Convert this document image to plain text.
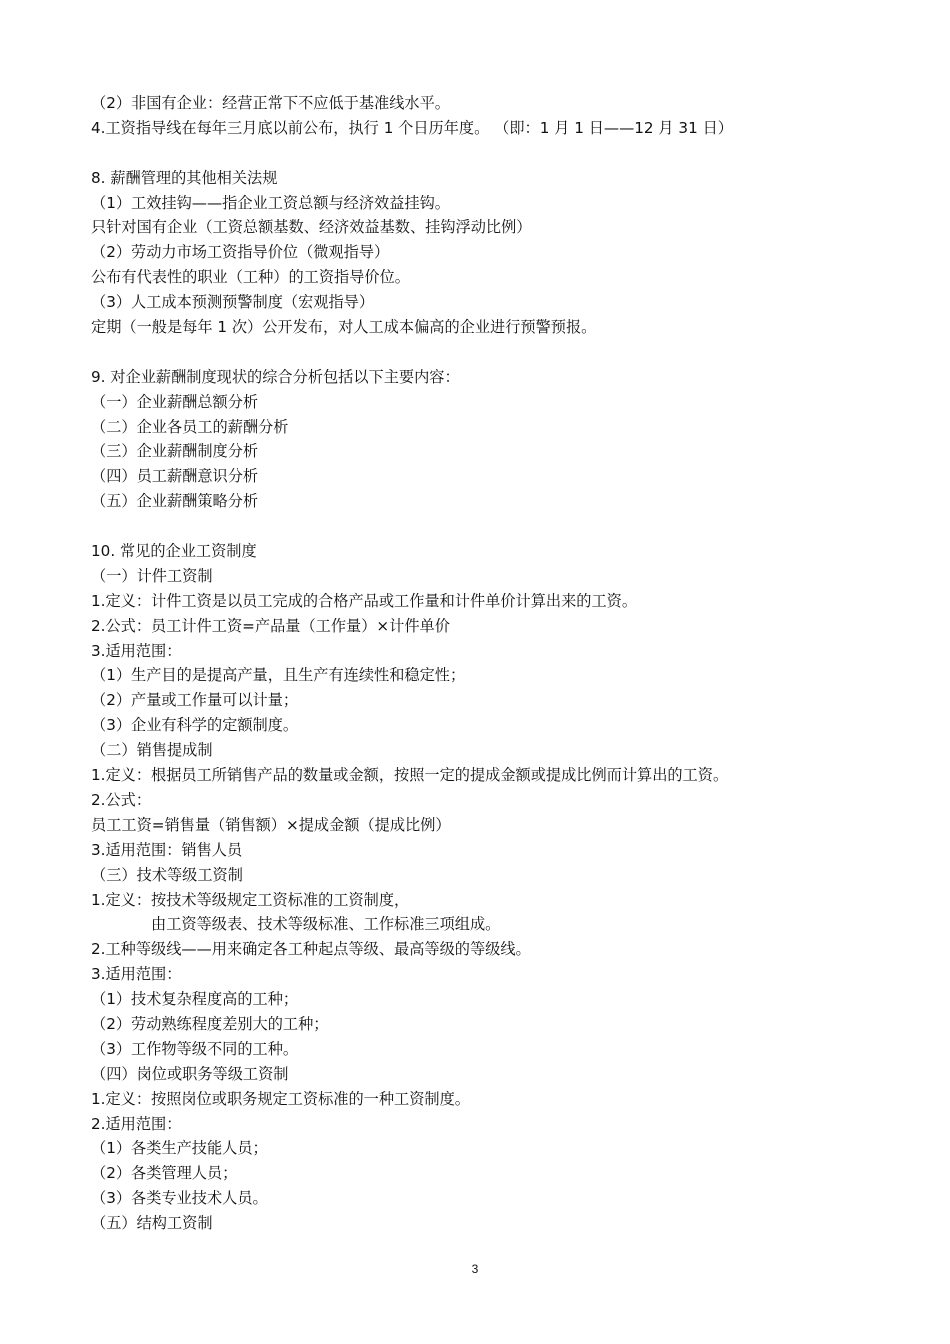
（2）非国有企业：经营正常下不应低于基准线水平。
4.工资指导线在每年三月底以前公布，执行 1 个日历年度。 （即：1 月 1 日——12 月 31 日）
8. 薪酬管理的其他相关法规
（1）工效挂钩——指企业工资总额与经济效益挂钩。
只针对国有企业（工资总额基数、经济效益基数、挂钩浮动比例）
（2）劳动力市场工资指导价位（微观指导）
公布有代表性的职业（工种）的工资指导价位。
（3）人工成本预测预警制度（宏观指导）
定期（一般是每年 1 次）公开发布，对人工成本偏高的企业进行预警预报。
9. 对企业薪酬制度现状的综合分析包括以下主要内容：
（一）企业薪酬总额分析
（二）企业各员工的薪酬分析
（三）企业薪酬制度分析
（四）员工薪酬意识分析
（五）企业薪酬策略分析
10. 常见的企业工资制度
（一）计件工资制
1.定义：计件工资是以员工完成的合格产品或工作量和计件单价计算出来的工资。
2.公式：员工计件工资=产品量（工作量）×计件单价
3.适用范围：
（1）生产目的是提高产量，且生产有连续性和稳定性；
（2）产量或工作量可以计量；
（3）企业有科学的定额制度。
（二）销售提成制
1.定义：根据员工所销售产品的数量或金额，按照一定的提成金额或提成比例而计算出的工资。
2.公式：
员工工资=销售量（销售额）×提成金额（提成比例）
3.适用范围：销售人员
（三）技术等级工资制
1.定义：按技术等级规定工资标准的工资制度，
由工资等级表、技术等级标准、工作标准三项组成。
2.工种等级线——用来确定各工种起点等级、最高等级的等级线。
3.适用范围：
（1）技术复杂程度高的工种；
（2）劳动熟练程度差别大的工种；
（3）工作物等级不同的工种。
（四）岗位或职务等级工资制
1.定义：按照岗位或职务规定工资标准的一种工资制度。
2.适用范围：
（1）各类生产技能人员；
（2）各类管理人员；
（3）各类专业技术人员。
（五）结构工资制
3
